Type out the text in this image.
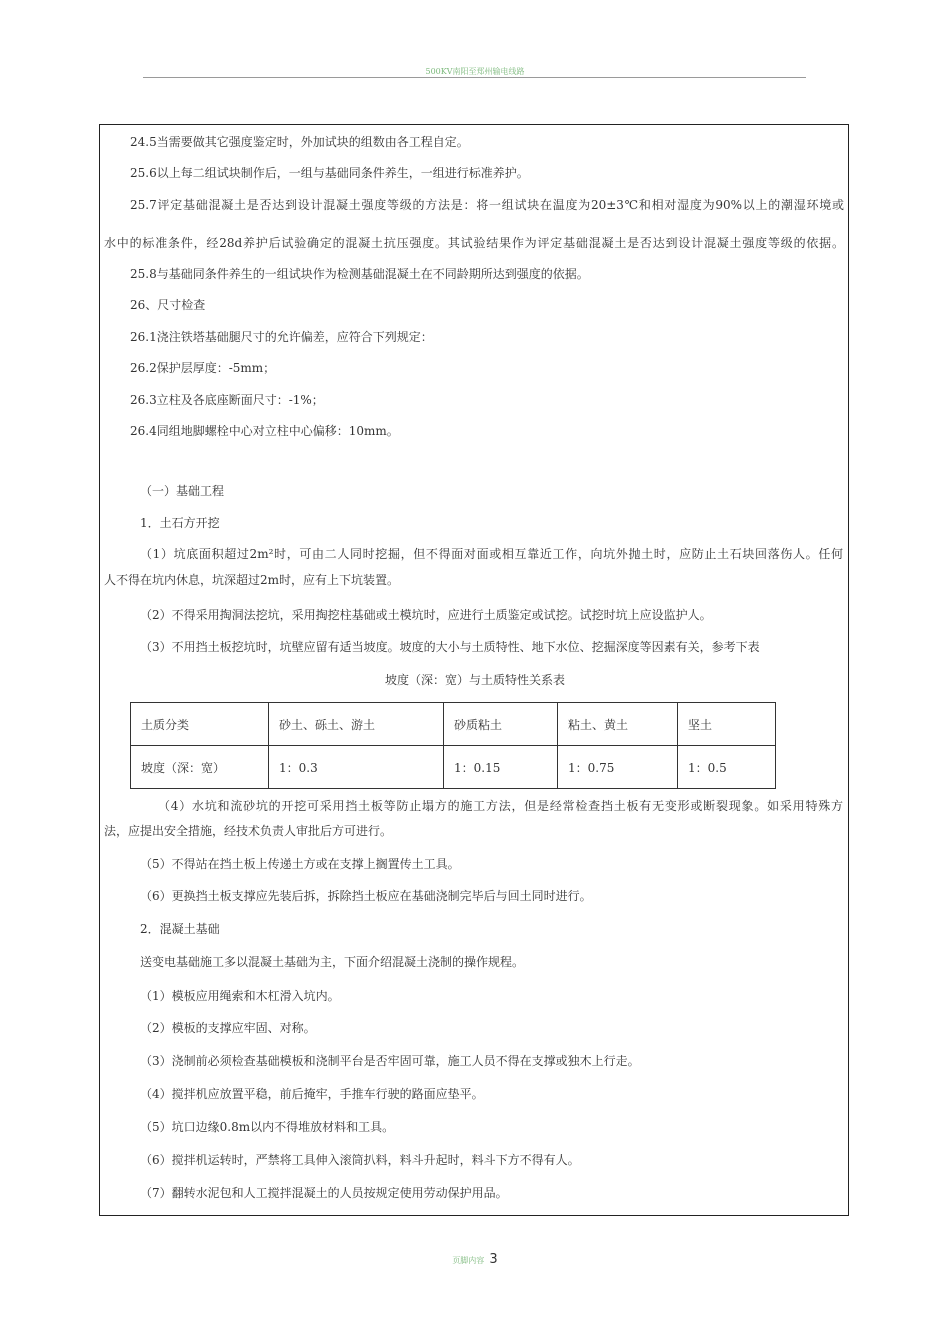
500KV南阳至郑州输电线路
24.5当需要做其它强度鉴定时，外加试块的组数由各工程自定。
25.6以上每二组试块制作后，一组与基础同条件养生，一组进行标准养护。
25.7评定基础混凝土是否达到设计混凝土强度等级的方法是：将一组试块在温度为20±3℃和相对湿度为90%以上的潮湿环境或
水中的标准条件，经28d养护后试验确定的混凝土抗压强度。其试验结果作为评定基础混凝土是否达到设计混凝土强度等级的依据。
25.8与基础同条件养生的一组试块作为检测基础混凝土在不同龄期所达到强度的依据。
26、尺寸检查
26.1浇注铁塔基础腿尺寸的允许偏差，应符合下列规定：
26.2保护层厚度：-5mm；
26.3立柱及各底座断面尺寸：-1%；
26.4同组地脚螺栓中心对立柱中心偏移：10mm。
（一）基础工程
1．土石方开挖
（1）坑底面积超过2m²时，可由二人同时挖掘，但不得面对面或相互靠近工作，向坑外抛土时，应防止土石块回落伤人。任何
人不得在坑内休息，坑深超过2m时，应有上下坑装置。
（2）不得采用掏洞法挖坑，采用掏挖柱基础或土模坑时，应进行土质鉴定或试挖。试挖时坑上应设监护人。
（3）不用挡土板挖坑时，坑壁应留有适当坡度。坡度的大小与土质特性、地下水位、挖掘深度等因素有关，参考下表
坡度（深：宽）与土质特性关系表
土质分类	砂土、砾土、游土	砂质粘土	粘土、黄土	坚土
坡度（深：宽）	1：0.3	1：0.15	1：0.75	1：0.5
（4）水坑和流砂坑的开挖可采用挡土板等防止塌方的施工方法，但是经常检查挡土板有无变形或断裂现象。如采用特殊方
法，应提出安全措施，经技术负责人审批后方可进行。
（5）不得站在挡土板上传递土方或在支撑上搁置传土工具。
（6）更换挡土板支撑应先装后拆，拆除挡土板应在基础浇制完毕后与回土同时进行。
2．混凝土基础
送变电基础施工多以混凝土基础为主，下面介绍混凝土浇制的操作规程。
（1）模板应用绳索和木杠滑入坑内。
（2）模板的支撑应牢固、对称。
（3）浇制前必须检查基础模板和浇制平台是否牢固可靠，施工人员不得在支撑或独木上行走。
（4）搅拌机应放置平稳，前后掩牢，手推车行驶的路面应垫平。
（5）坑口边缘0.8m以内不得堆放材料和工具。
（6）搅拌机运转时，严禁将工具伸入滚筒扒料，料斗升起时，料斗下方不得有人。
（7）翻转水泥包和人工搅拌混凝土的人员按规定使用劳动保护用品。
页脚内容 3
